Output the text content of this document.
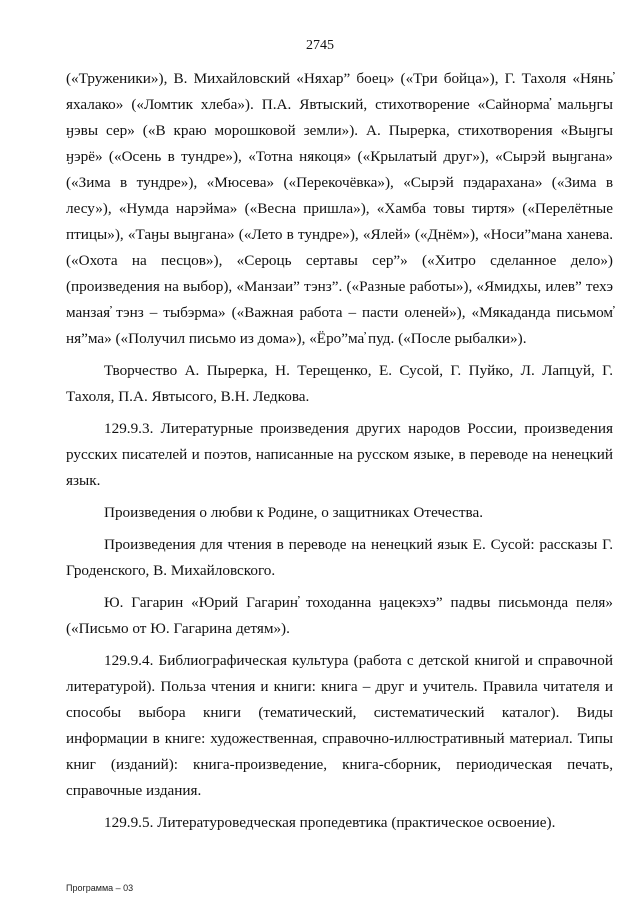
2745

(«Труженики»), В. Михайловский «Няхар” боец» («Три бойца»), Г. Тахоля «Нянь̕ яхалако» («Ломтик хлеба»). П.А. Явтыский, стихотворение «Сайнорма̕ мальӈгы ӈэвы сер» («В краю морошковой земли»). А. Пыреркa, стихотворения «Выӈгы ӈэрё» («Осень в тундре»), «Тотна някоця» («Крылатый друг»), «Сырэй выӈгана» («Зима в тундре»), «Мюсева» («Перекочёвка»), «Сырэй пэдарахана» («Зима в лесу»), «Нумда нарэйма» («Весна пришла»), «Хамба товы тиртя» («Перелётные птицы»), «Таӈы выӈгана» («Лето в тундре»), «Ялей» («Днём»), «Носи”мана ханева. («Охота на песцов»), «Сероць сертавы сер”» («Хитро сделанное дело») (произведения на выбор), «Манзаи” тэнз”. («Разные работы»), «Ямидхы, илев” техэ манзая̕ тэнз – тыбэрма» («Важная работа – пасти оленей»), «Мякаданда письмом̕ ня”ма» («Получил письмо из дома»), «Ёро”ма̕ пуд. («После рыбалки»).

Творчество А. Пыреркa, Н. Терещенко, Е. Сусой, Г. Пуйко, Л. Лапцуй, Г. Тахоля, П.А. Явтысого, В.Н. Ледкова.

129.9.3. Литературные произведения других народов России, произведения русских писателей и поэтов, написанные на русском языке, в переводе на ненецкий язык.

Произведения о любви к Родине, о защитниках Отечества.

Произведения для чтения в переводе на ненецкий язык Е. Сусой: рассказы Г. Гроденского, В. Михайловского.

Ю. Гагарин «Юрий Гагарин̕ тоходанна ӈацекэхэ” падвы письмонда пеля» («Письмо от Ю. Гагарина детям»).

129.9.4. Библиографическая культура (работа с детской книгой и справочной литературой). Польза чтения и книги: книга – друг и учитель. Правила читателя и способы выбора книги (тематический, систематический каталог). Виды информации в книге: художественная, справочно-иллюстративный материал. Типы книг (изданий): книга-произведение, книга-сборник, периодическая печать, справочные издания.

129.9.5. Литературоведческая пропедевтика (практическое освоение).

Программа – 03
